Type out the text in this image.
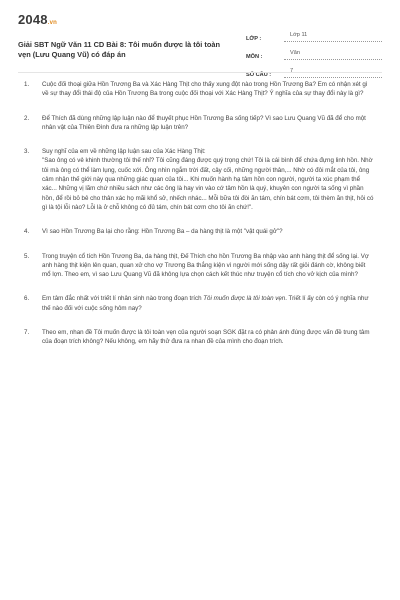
2048.vn
Giải SBT Ngữ Văn 11 CD Bài 8: Tôi muốn được là tôi toàn vẹn (Lưu Quang Vũ) có đáp án
LỚP :
Lớp 11
MÔN :
Văn
SỐ CÂU :
7
1.	Cuộc đối thoại giữa Hồn Trương Ba và Xác Hàng Thịt cho thấy xung đột nào trong Hồn Trương Ba? Em có nhận xét gì về sự thay đổi thái độ của Hồn Trương Ba trong cuộc đối thoại với Xác Hàng Thịt? Ý nghĩa của sự thay đổi này là gì?
2.	Để Thích đã dùng những lập luận nào để thuyết phục Hồn Trương Ba sống tiếp? Vì sao Lưu Quang Vũ đã để cho một nhân vật của Thiên Đình đưa ra những lập luận trên?
3.	Suy nghĩ của em về những lập luận sau của Xác Hàng Thịt:

"Sao ông có vẻ khinh thường tôi thế nhỉ? Tôi cũng đáng được quý trọng chứ! Tôi là cái bình để chứa đựng linh hồn. Nhờ tôi mà ông có thể làm lụng, cuốc xới. Ông nhìn ngắm trời đất, cây cối, những người thân,... Nhờ có đôi mắt của tôi, ông cảm nhận thế giới này qua những giác quan của tôi... Khi muốn hành hạ tâm hồn con người, người ta xúc phạm thể xác... Những vị lãm chứ nhiều sách như các ông là hay vin vào cớ tâm hồn là quý, khuyên con người ta sống vì phần hồn, để rồi bỏ bê cho thân xác họ mãi khổ sở, nhếch nhác... Mỗi bữa tôi đòi ăn tám, chín bát cơm, tôi thèm ăn thịt, hỏi có gì là tội lỗi nào? Lỗi là ở chỗ không có đủ tám, chín bát cơm cho tôi ăn chứ!".

4.	Vì sao Hồn Trương Ba lại cho rằng: Hồn Trương Ba – da hàng thịt là một "vật quái gở"?
5.	Trong truyện cổ tích Hồn Trương Ba, da hàng thịt, Đế Thích cho hồn Trương Ba nhập vào anh hàng thịt để sống lại. Vợ anh hàng thịt kiện lên quan, quan xử cho vợ Trương Ba thắng kiện vì người mới sống dậy rất giỏi đánh cờ, không biết mổ lợn. Theo em, vì sao Lưu Quang Vũ đã không lựa chọn cách kết thúc như truyện cổ tích cho vở kịch của mình?
6.	Em tâm đắc nhất với triết lí nhân sinh nào trong đoạn trích Tôi muốn được là tôi toàn vẹn. Triết lí ấy còn có ý nghĩa như thế nào đối với cuộc sống hôm nay?
7.	Theo em, nhan đề Tôi muốn được là tôi toàn vẹn của người soạn SGK đặt ra có phản ánh đúng được vấn đề trung tâm của đoạn trích không? Nếu không, em hãy thử đưa ra nhan đề của mình cho đoạn trích.
